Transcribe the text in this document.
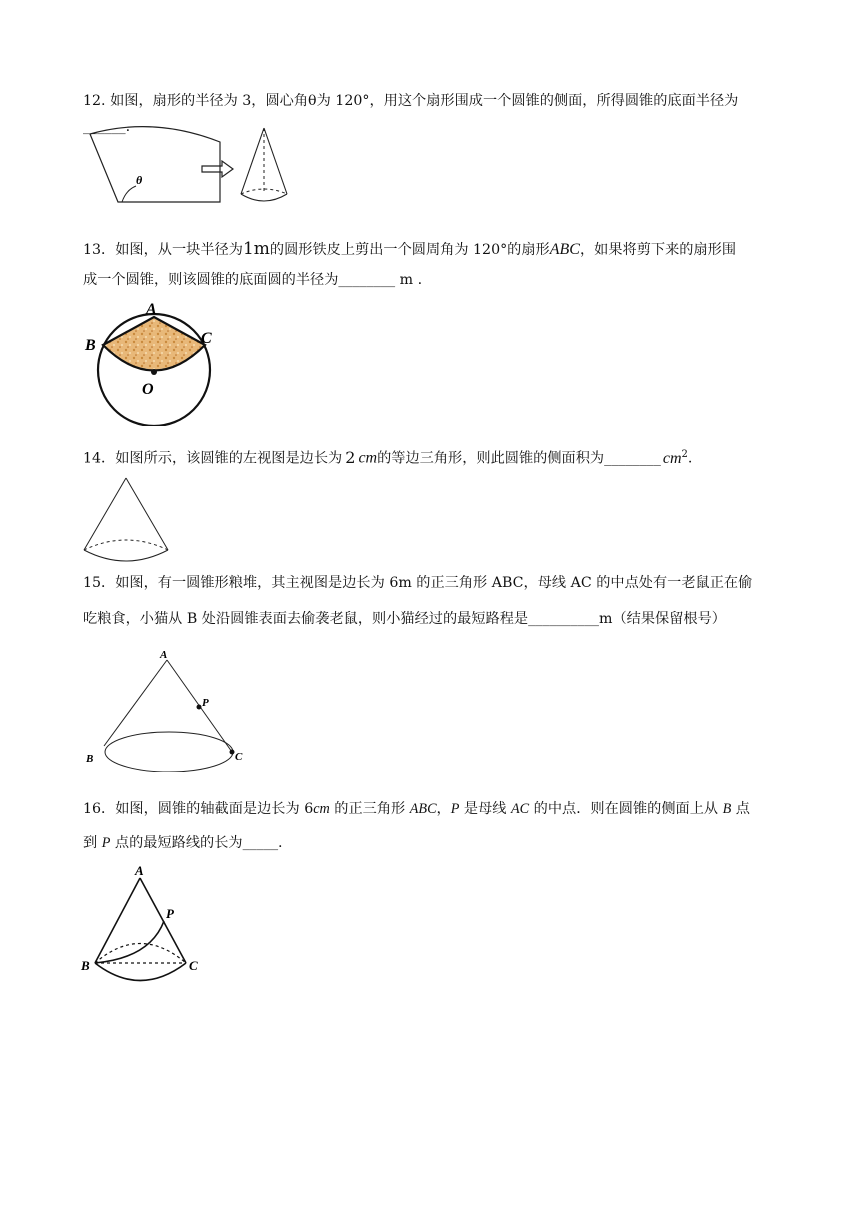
12. 如图，扇形的半径为 3，圆心角θ为 120°，用这个扇形围成一个圆锥的侧面，所得圆锥的底面半径为______.
θ
13．如图，从一块半径为1m的圆形铁皮上剪出一个圆周角为 120°的扇形ABC，如果将剪下来的扇形围
成一个圆锥，则该圆锥的底面圆的半径为________ m .
A
B	C
O
14．如图所示，该圆锥的左视图是边长为 2 cm的等边三角形，则此圆锥的侧面积为________ $cm^2$.
15．如图，有一圆锥形粮堆，其主视图是边长为 6m 的正三角形 ABC，母线 AC 的中点处有一老鼠正在偷
吃粮食，小猫从 B 处沿圆锥表面去偷袭老鼠，则小猫经过的最短路程是__________m（结果保留根号）
A
P
B	C
16．如图，圆锥的轴截面是边长为 6cm 的正三角形 ABC，P 是母线 AC 的中点．则在圆锥的侧面上从 B 点
到 P 点的最短路线的长为_____.
A
P
B	C
